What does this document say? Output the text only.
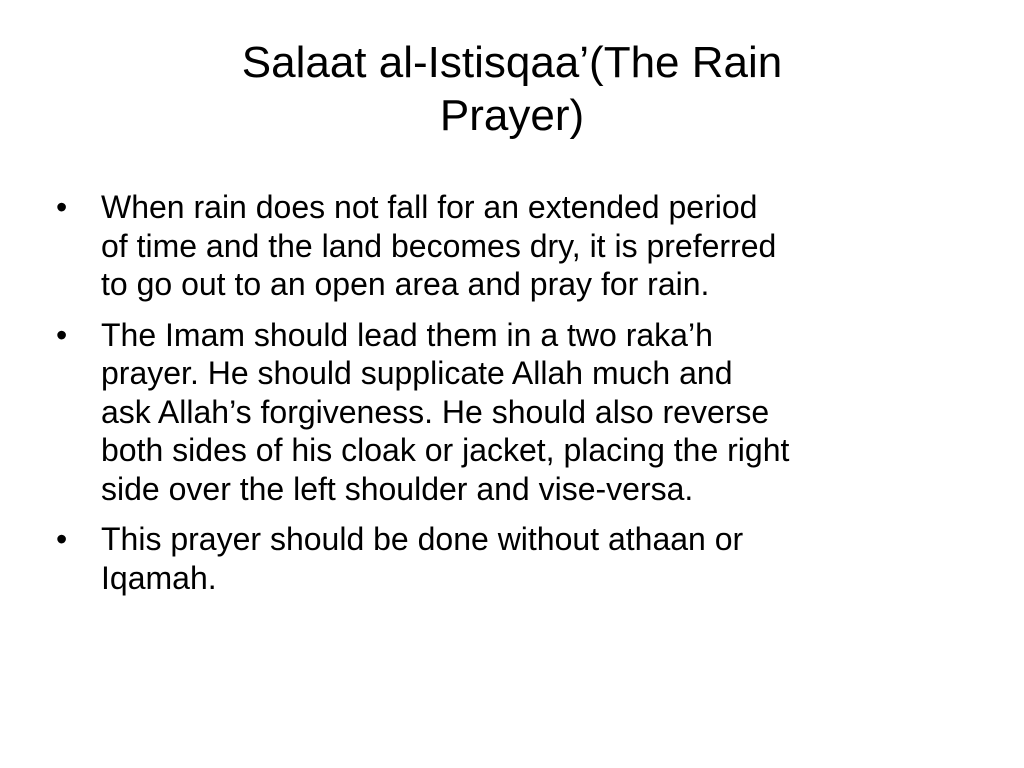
Salaat al-Istisqaa’(The Rain
Prayer)
•	When rain does not fall for an extended period
of time and the land becomes dry, it is preferred
to go out to an open area and pray for rain.
•	The Imam should lead them in a two raka’h
prayer. He should supplicate Allah much and
ask Allah’s forgiveness. He should also reverse
both sides of his cloak or jacket, placing the right
side over the left shoulder and vise-versa.
•	This prayer should be done without athaan or
Iqamah.
